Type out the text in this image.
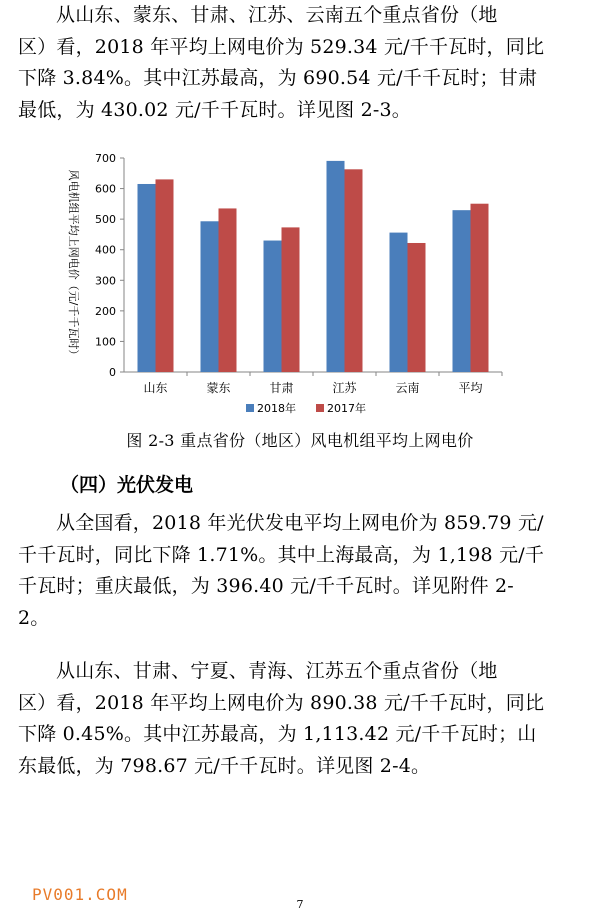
从山东、蒙东、甘肃、江苏、云南五个重点省份（地
区）看，2018 年平均上网电价为 529.34 元/千千瓦时，同比
下降 3.84%。其中江苏最高，为 690.54 元/千千瓦时；甘肃
最低，为 430.02 元/千千瓦时。详见图 2-3。
0
100
200
300
400
500
600
700
风电机组平均上网电价（元/千千瓦时）
山东	蒙东	甘肃	江苏	云南	平均
2018年	2017年
图 2-3 重点省份（地区）风电机组平均上网电价
（四）光伏发电
从全国看，2018 年光伏发电平均上网电价为 859.79 元/
千千瓦时，同比下降 1.71%。其中上海最高，为 1,198 元/千
千瓦时；重庆最低，为 396.40 元/千千瓦时。详见附件 2-
2。
从山东、甘肃、宁夏、青海、江苏五个重点省份（地
区）看，2018 年平均上网电价为 890.38 元/千千瓦时，同比
下降 0.45%。其中江苏最高，为 1,113.42 元/千千瓦时；山
东最低，为 798.67 元/千千瓦时。详见图 2-4。
PV001.COM
7
